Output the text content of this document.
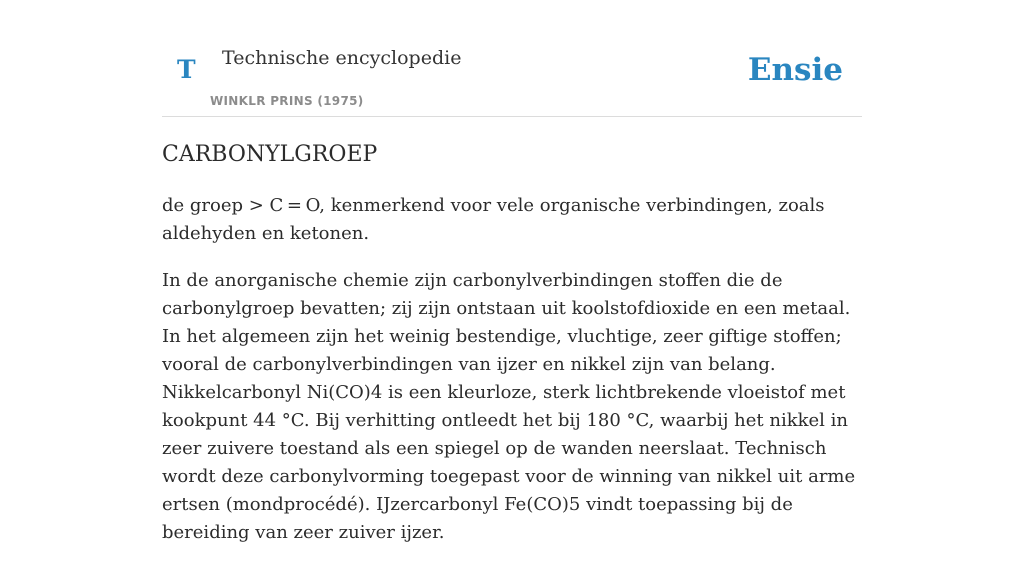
T Technische encyclopedie
WINKLR PRINS (1975)
Ensie
CARBONYLGROEP

de groep > C = O, kenmerkend voor vele organische verbindingen, zoals aldehyden en ketonen.

In de anorganische chemie zijn carbonylverbindingen stoffen die de carbonylgroep bevatten; zij zijn ontstaan uit koolstofdioxide en een metaal. In het algemeen zijn het weinig bestendige, vluchtige, zeer giftige stoffen; vooral de carbonylverbindingen van ijzer en nikkel zijn van belang. Nikkelcarbonyl Ni(CO)4 is een kleurloze, sterk lichtbrekende vloeistof met kookpunt 44 °C. Bij verhitting ontleedt het bij 180 °C, waarbij het nikkel in zeer zuivere toestand als een spiegel op de wanden neerslaat. Technisch wordt deze carbonylvorming toegepast voor de winning van nikkel uit arme ertsen (mondprocédé). IJzercarbonyl Fe(CO)5 vindt toepassing bij de bereiding van zeer zuiver ijzer.
